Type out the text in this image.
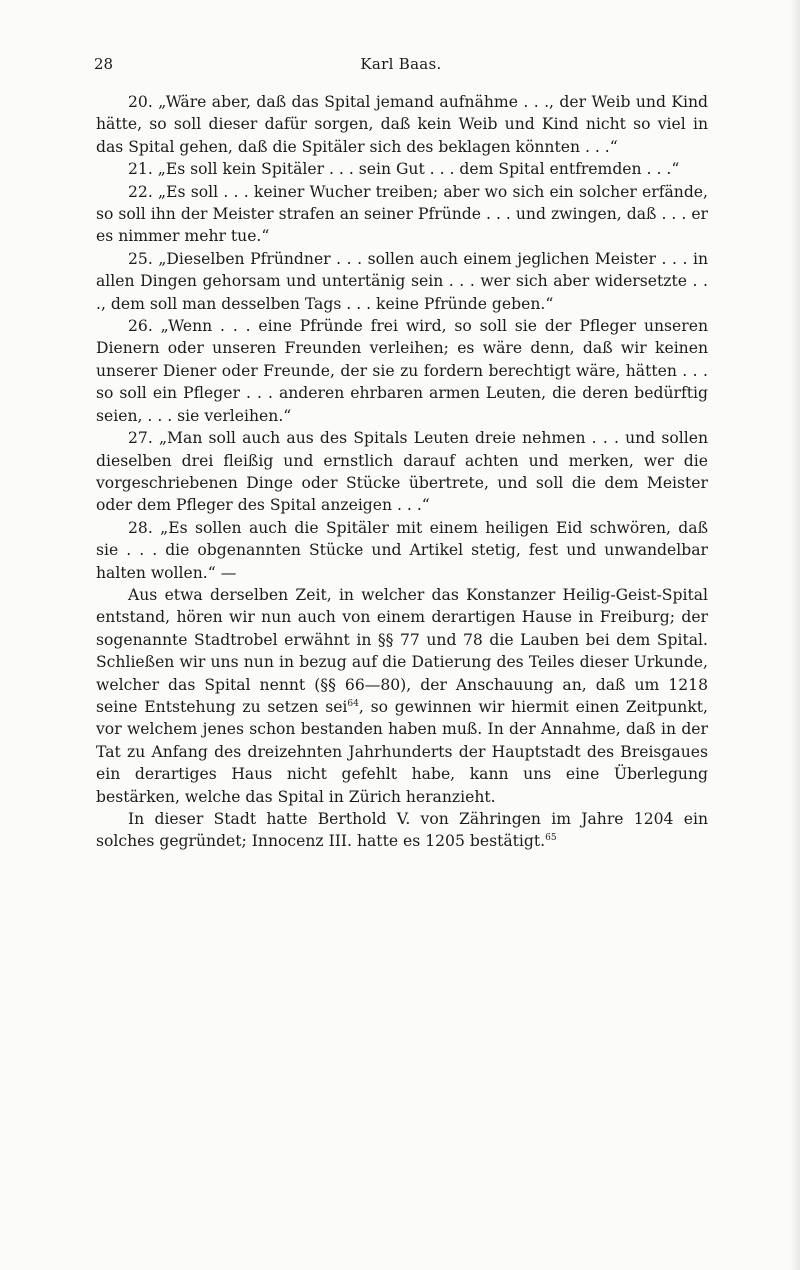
28	Karl Baas.

20. „Wäre aber, daß das Spital jemand aufnähme . . ., der Weib und Kind hätte, so soll dieser dafür sorgen, daß kein Weib und Kind nicht so viel in das Spital gehen, daß die Spitäler sich des beklagen könnten . . .“

21. „Es soll kein Spitäler . . . sein Gut . . . dem Spital entfremden . . .“

22. „Es soll . . . keiner Wucher treiben; aber wo sich ein solcher erfände, so soll ihn der Meister strafen an seiner Pfründe . . . und zwingen, daß . . . er es nimmer mehr tue.“

25. „Dieselben Pfründner . . . sollen auch einem jeglichen Meister . . . in allen Dingen gehorsam und untertänig sein . . . wer sich aber widersetzte . . ., dem soll man desselben Tags . . . keine Pfründe geben.“

26. „Wenn . . . eine Pfründe frei wird, so soll sie der Pfleger unseren Dienern oder unseren Freunden verleihen; es wäre denn, daß wir keinen unserer Diener oder Freunde, der sie zu fordern berechtigt wäre, hätten . . . so soll ein Pfleger . . . anderen ehrbaren armen Leuten, die deren bedürftig seien, . . . sie verleihen.“

27. „Man soll auch aus des Spitals Leuten dreie nehmen . . . und sollen dieselben drei fleißig und ernstlich darauf achten und merken, wer die vorgeschriebenen Dinge oder Stücke übertrete, und soll die dem Meister oder dem Pfleger des Spital anzeigen . . .“

28. „Es sollen auch die Spitäler mit einem heiligen Eid schwören, daß sie . . . die obgenannten Stücke und Artikel stetig, fest und unwandelbar halten wollen.“ —

Aus etwa derselben Zeit, in welcher das Konstanzer Heilig-Geist-Spital entstand, hören wir nun auch von einem derartigen Hause in Freiburg; der sogenannte Stadtrobel erwähnt in §§ 77 und 78 die Lauben bei dem Spital. Schließen wir uns nun in bezug auf die Datierung des Teiles dieser Urkunde, welcher das Spital nennt (§§ 66—80), der Anschauung an, daß um 1218 seine Entstehung zu setzen sei$^{64}$, so gewinnen wir hiermit einen Zeitpunkt, vor welchem jenes schon bestanden haben muß. In der Annahme, daß in der Tat zu Anfang des dreizehnten Jahrhunderts der Hauptstadt des Breisgaues ein derartiges Haus nicht gefehlt habe, kann uns eine Überlegung bestärken, welche das Spital in Zürich heranzieht.

In dieser Stadt hatte Berthold V. von Zähringen im Jahre 1204 ein solches gegründet; Innocenz III. hatte es 1205 bestätigt.$^{65}$
